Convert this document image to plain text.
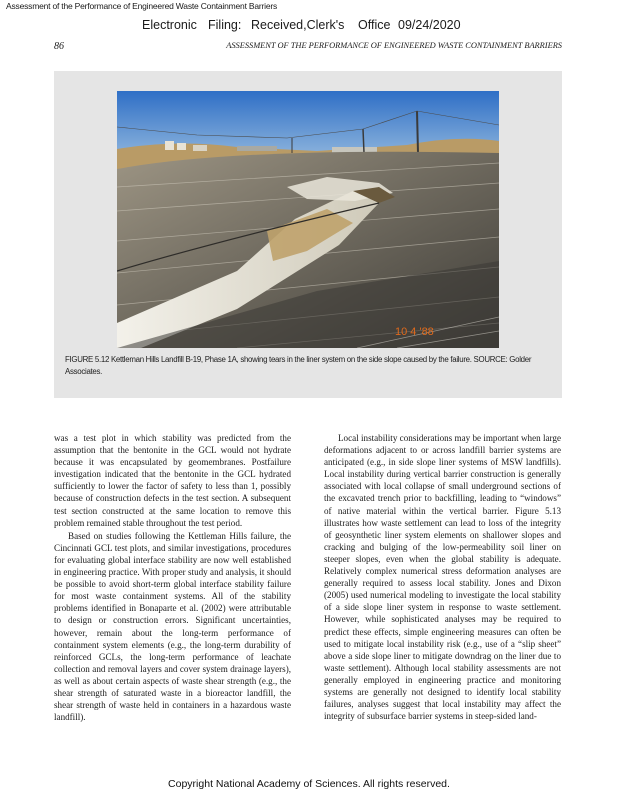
Assessment of the Performance of Engineered Waste Containment Barriers
Electronic Filing: Received,Clerk's Office 09/24/2020
86	ASSESSMENT OF THE PERFORMANCE OF ENGINEERED WASTE CONTAINMENT BARRIERS
10 4 '88
FIGURE 5.12 Kettleman Hills Landfill B-19, Phase 1A, showing tears in the liner system on the side slope caused by the failure. SOURCE: Golder Associates.

was a test plot in which stability was predicted from the assumption that the bentonite in the GCL would not hydrate because it was encapsulated by geomembranes. Postfailure investigation indicated that the bentonite in the GCL hydrated sufficiently to lower the factor of safety to less than 1, possibly because of construction defects in the test section. A subsequent test section constructed at the same location to remove this problem remained stable throughout the test period.

Based on studies following the Kettleman Hills failure, the Cincinnati GCL test plots, and similar investigations, procedures for evaluating global interface stability are now well established in engineering practice. With proper study and analysis, it should be possible to avoid short-term global interface stability failure for most waste containment systems. All of the stability problems identified in Bonaparte et al. (2002) were attributable to design or construction errors. Significant uncertainties, however, remain about the long-term performance of containment system elements (e.g., the long-term durability of reinforced GCLs, the long-term performance of leachate collection and removal layers and cover system drainage layers), as well as about certain aspects of waste shear strength (e.g., the shear strength of saturated waste in a bioreactor landfill, the shear strength of waste held in containers in a hazardous waste landfill).

Local instability considerations may be important when large deformations adjacent to or across landfill barrier systems are anticipated (e.g., in side slope liner systems of MSW landfills). Local instability during vertical barrier construction is generally associated with local collapse of small underground sections of the excavated trench prior to backfilling, leading to “windows” of native material within the vertical barrier. Figure 5.13 illustrates how waste settlement can lead to loss of the integrity of geosynthetic liner system elements on shallower slopes and cracking and bulging of the low-permeability soil liner on steeper slopes, even when the global stability is adequate. Relatively complex numerical stress deformation analyses are generally required to assess local stability. Jones and Dixon (2005) used numerical modeling to investigate the local stability of a side slope liner system in response to waste settlement. However, while sophisticated analyses may be required to predict these effects, simple engineering measures can often be used to mitigate local instability risk (e.g., use of a “slip sheet” above a side slope liner to mitigate downdrag on the liner due to waste settlement). Although local stability assessments are not generally employed in engineering practice and monitoring systems are generally not designed to identify local stability failures, analyses suggest that local instability may affect the integrity of subsurface barrier systems in steep-sided land-

Copyright National Academy of Sciences. All rights reserved.
